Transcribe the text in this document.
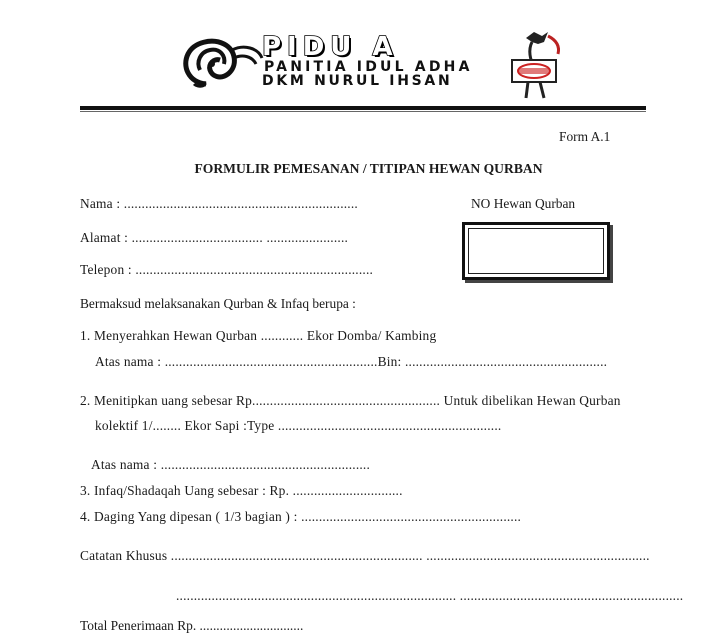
PIDU A
PANITIA IDUL ADHA
DKM NURUL IHSAN
Form A.1
FORMULIR PEMESANAN / TITIPAN HEWAN QURBAN
Nama : ..................................................................	NO Hewan Qurban
Alamat : ..................................... .......................
Telepon : ...................................................................
Bermaksud melaksanakan Qurban & Infaq berupa :
1. Menyerahkan Hewan Qurban ............ Ekor Domba/ Kambing
Atas nama : ............................................................Bin: .........................................................
2. Menitipkan uang sebesar Rp..................................................... Untuk dibelikan Hewan Qurban
kolektif 1/........ Ekor Sapi :Type ...............................................................
Atas nama : ...........................................................
3. Infaq/Shadaqah Uang sebesar : Rp. ...............................
4. Daging Yang dipesan ( 1/3 bagian ) : ..............................................................
Catatan Khusus ....................................................................... ...............................................................
............................................................................... ...............................................................
Total Penerimaan Rp. ...............................
